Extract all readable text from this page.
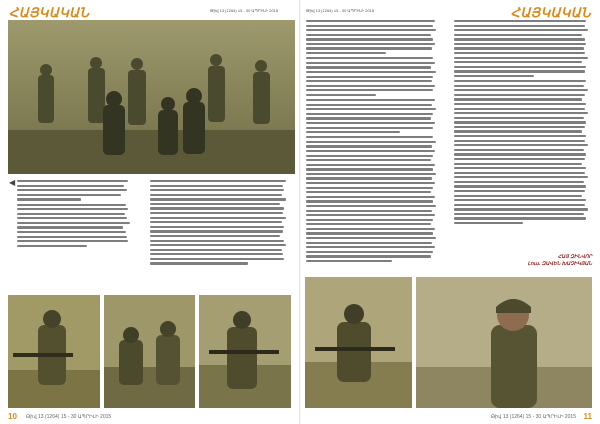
ՀԱՅԿԱԿԱՆ	Թիվ 13 (1264) 15 - 30 ԱՊՐԻԼԻ 2015
◀
10 Թիվ 13 (1264) 15 - 30 ԱՊՐԻԼԻ 2015
ՀԱՅԿԱԿԱՆ
Թիվ 13 (1264) 15 - 30 ԱՊՐԻԼԻ 2015
ՀԱՅ ԶԻՆՎՈՐ
Լուս. ԶԱՎԵՆ ԽԱՉԻԿՅԱՆ
Թիվ 13 (1264) 15 - 30 ԱՊՐԻԼԻ 2015 11
